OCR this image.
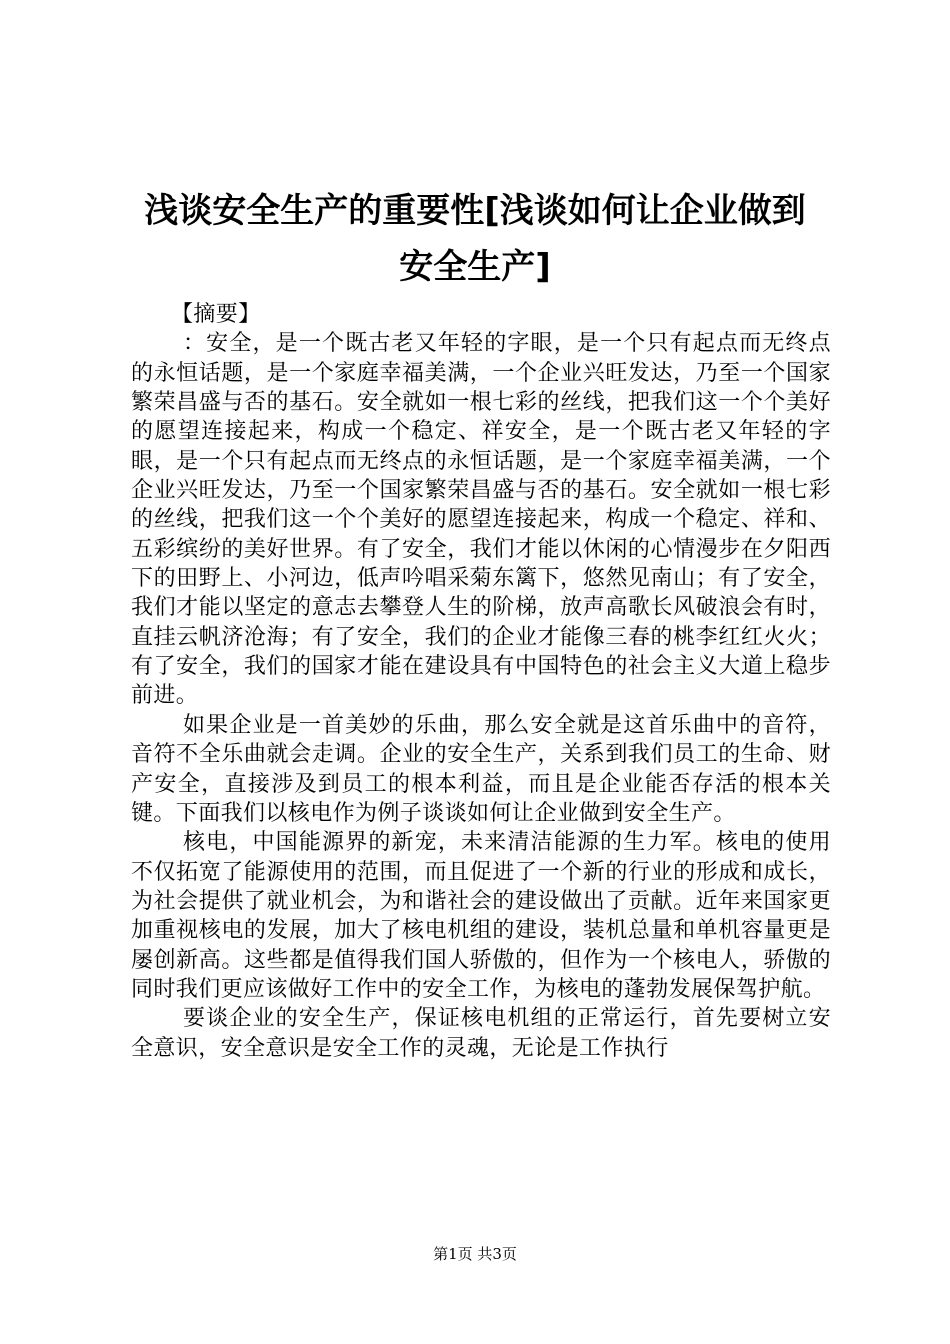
浅谈安全生产的重要性[浅谈如何让企业做到
安全生产]

【摘要】

：安全，是一个既古老又年轻的字眼，是一个只有起点而无终点的永恒话题，是一个家庭幸福美满，一个企业兴旺发达，乃至一个国家繁荣昌盛与否的基石。安全就如一根七彩的丝线，把我们这一个个美好的愿望连接起来，构成一个稳定、祥安全，是一个既古老又年轻的字眼，是一个只有起点而无终点的永恒话题，是一个家庭幸福美满，一个企业兴旺发达，乃至一个国家繁荣昌盛与否的基石。安全就如一根七彩的丝线，把我们这一个个美好的愿望连接起来，构成一个稳定、祥和、五彩缤纷的美好世界。有了安全，我们才能以休闲的心情漫步在夕阳西下的田野上、小河边，低声吟唱采菊东篱下，悠然见南山；有了安全，我们才能以坚定的意志去攀登人生的阶梯，放声高歌长风破浪会有时，直挂云帆济沧海；有了安全，我们的企业才能像三春的桃李红红火火；有了安全，我们的国家才能在建设具有中国特色的社会主义大道上稳步前进。

如果企业是一首美妙的乐曲，那么安全就是这首乐曲中的音符，音符不全乐曲就会走调。企业的安全生产，关系到我们员工的生命、财产安全，直接涉及到员工的根本利益，而且是企业能否存活的根本关键。下面我们以核电作为例子谈谈如何让企业做到安全生产。

核电，中国能源界的新宠，未来清洁能源的生力军。核电的使用不仅拓宽了能源使用的范围，而且促进了一个新的行业的形成和成长，为社会提供了就业机会，为和谐社会的建设做出了贡献。近年来国家更加重视核电的发展，加大了核电机组的建设，装机总量和单机容量更是屡创新高。这些都是值得我们国人骄傲的，但作为一个核电人，骄傲的同时我们更应该做好工作中的安全工作，为核电的蓬勃发展保驾护航。

要谈企业的安全生产，保证核电机组的正常运行，首先要树立安全意识，安全意识是安全工作的灵魂，无论是工作执行

第1页 共3页
